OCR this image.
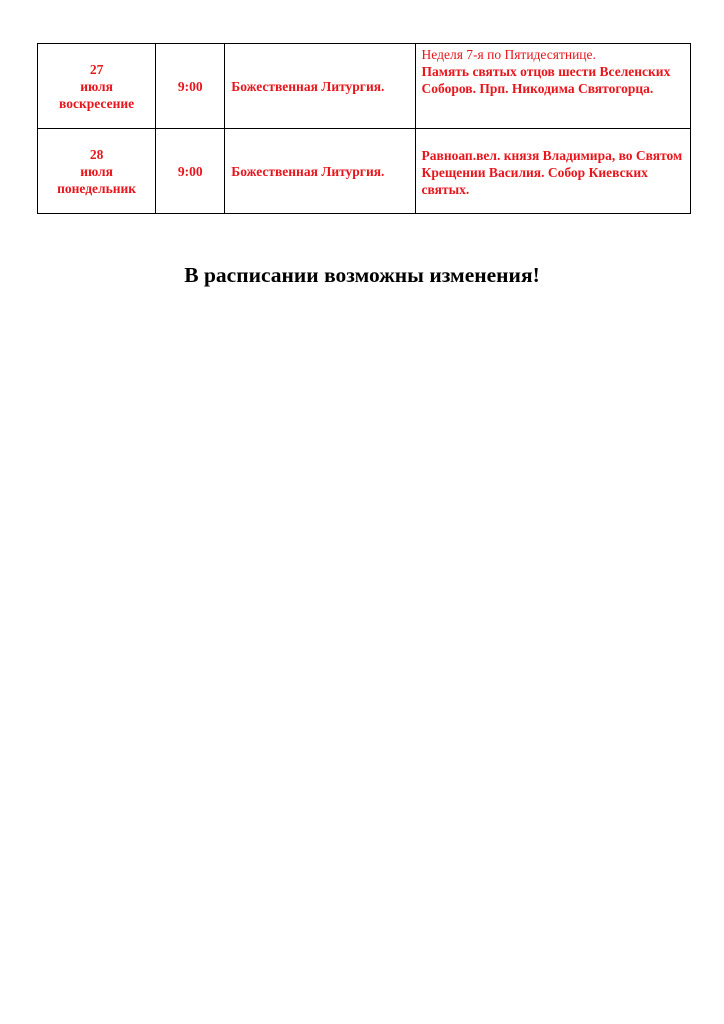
27
июля
воскресение	9:00	Божественная Литургия.	Неделя 7-я по Пятидесятнице.
Память святых отцов шести Вселенских Соборов. Прп. Никодима Святогорца.

28
июля
понедельник	9:00	Божественная Литургия.	Равноап.вел. князя Владимира, во Святом Крещении Василия. Собор Киевских святых.
В расписании возможны изменения!
